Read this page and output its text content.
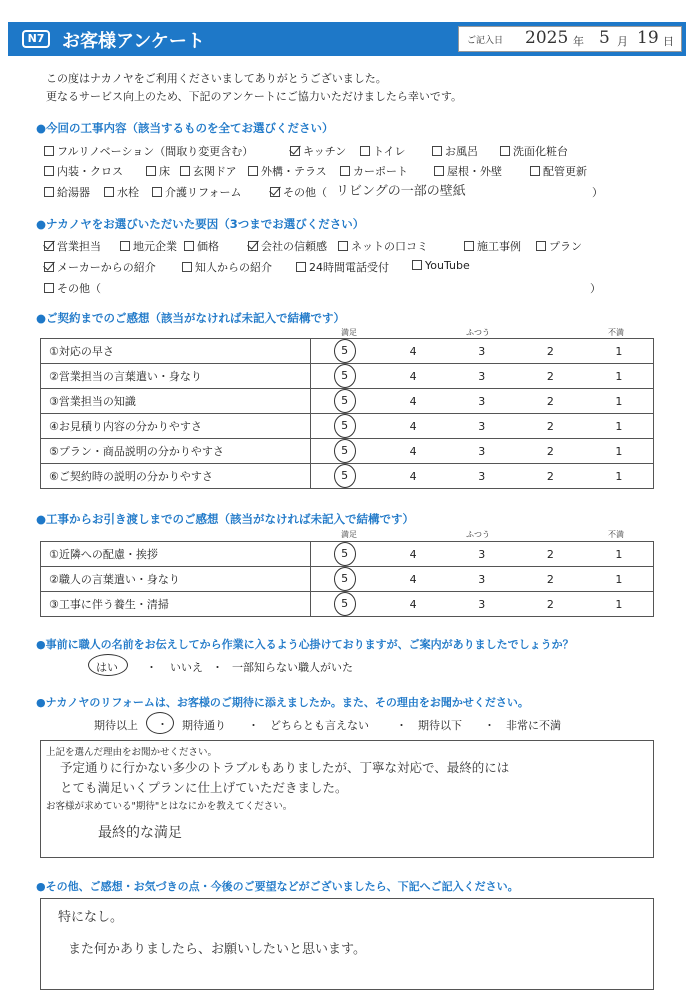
N7 お客様アンケート	ご記入日 2025 年 5 月 19 日
この度はナカノヤをご利用くださいましてありがとうございました。
更なるサービス向上のため、下記のアンケートにご協力いただけましたら幸いです。
●今回の工事内容（該当するものを全てお選びください）
フルリノベーション（間取り変更含む）	キッチン	トイレ	お風呂	洗面化粧台
内装・クロス	床	玄関ドア	外構・テラス	カーポート	屋根・外壁	配管更新
給湯器	水栓	介護リフォーム	その他（ リビングの一部の壁紙	）
●ナカノヤをお選びいただいた要因（3つまでお選びください）
営業担当	地元企業	価格	会社の信頼感	ネットの口コミ	施工事例	プラン
メーカーからの紹介	知人からの紹介	24時間電話受付	YouTube
その他（	）
●ご契約までのご感想（該当がなければ未記入で結構です）
満足	ふつう	不満
①対応の早さ	5	4	3	2	1
②営業担当の言葉遣い・身なり	5	4	3	2	1
③営業担当の知識	5	4	3	2	1
④お見積り内容の分かりやすさ	5	4	3	2	1
⑤プラン・商品説明の分かりやすさ	5	4	3	2	1
⑥ご契約時の説明の分かりやすさ	5	4	3	2	1
●工事からお引き渡しまでのご感想（該当がなければ未記入で結構です）
満足	ふつう	不満
①近隣への配慮・挨拶	5	4	3	2	1
②職人の言葉遣い・身なり	5	4	3	2	1
③工事に伴う養生・清掃	5	4	3	2	1
●事前に職人の名前をお伝えしてから作業に入るよう心掛けておりますが、ご案内がありましたでしょうか？
はい	・ いいえ ・ 一部知らない職人がいた
●ナカノヤのリフォームは、お客様のご期待に添えましたか。また、その理由をお聞かせください。
期待以上 ・ 期待通り ・ どちらとも言えない ・ 期待以下 ・ 非常に不満
上記を選んだ理由をお聞かせください。
予定通りに行かない多少のトラブルもありましたが、丁寧な対応で、最終的には
とても満足いくプランに仕上げていただきました。
お客様が求めている"期待"とはなにかを教えてください。
最終的な満足
●その他、ご感想・お気づきの点・今後のご要望などがございましたら、下記へご記入ください。
特になし。
また何かありましたら、お願いしたいと思います。
